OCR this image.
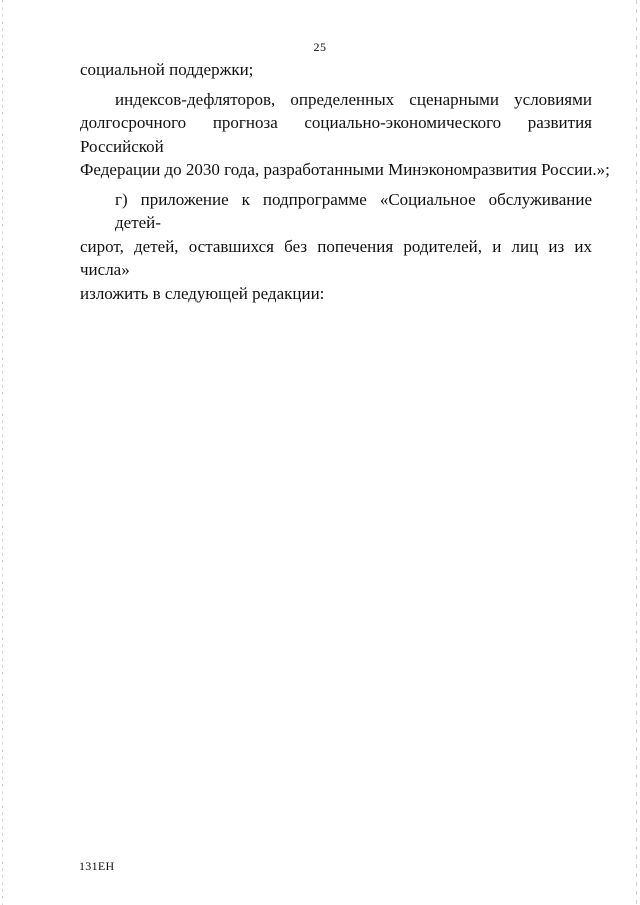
25
социальной поддержки;
индексов-дефляторов, определенных сценарными условиями
долгосрочного прогноза социально-экономического развития Российской
Федерации до 2030 года, разработанными Минэкономразвития России.»;
г) приложение к подпрограмме «Социальное обслуживание детей-
сирот, детей, оставшихся без попечения родителей, и лиц из их числа»
изложить в следующей редакции:
131EH
